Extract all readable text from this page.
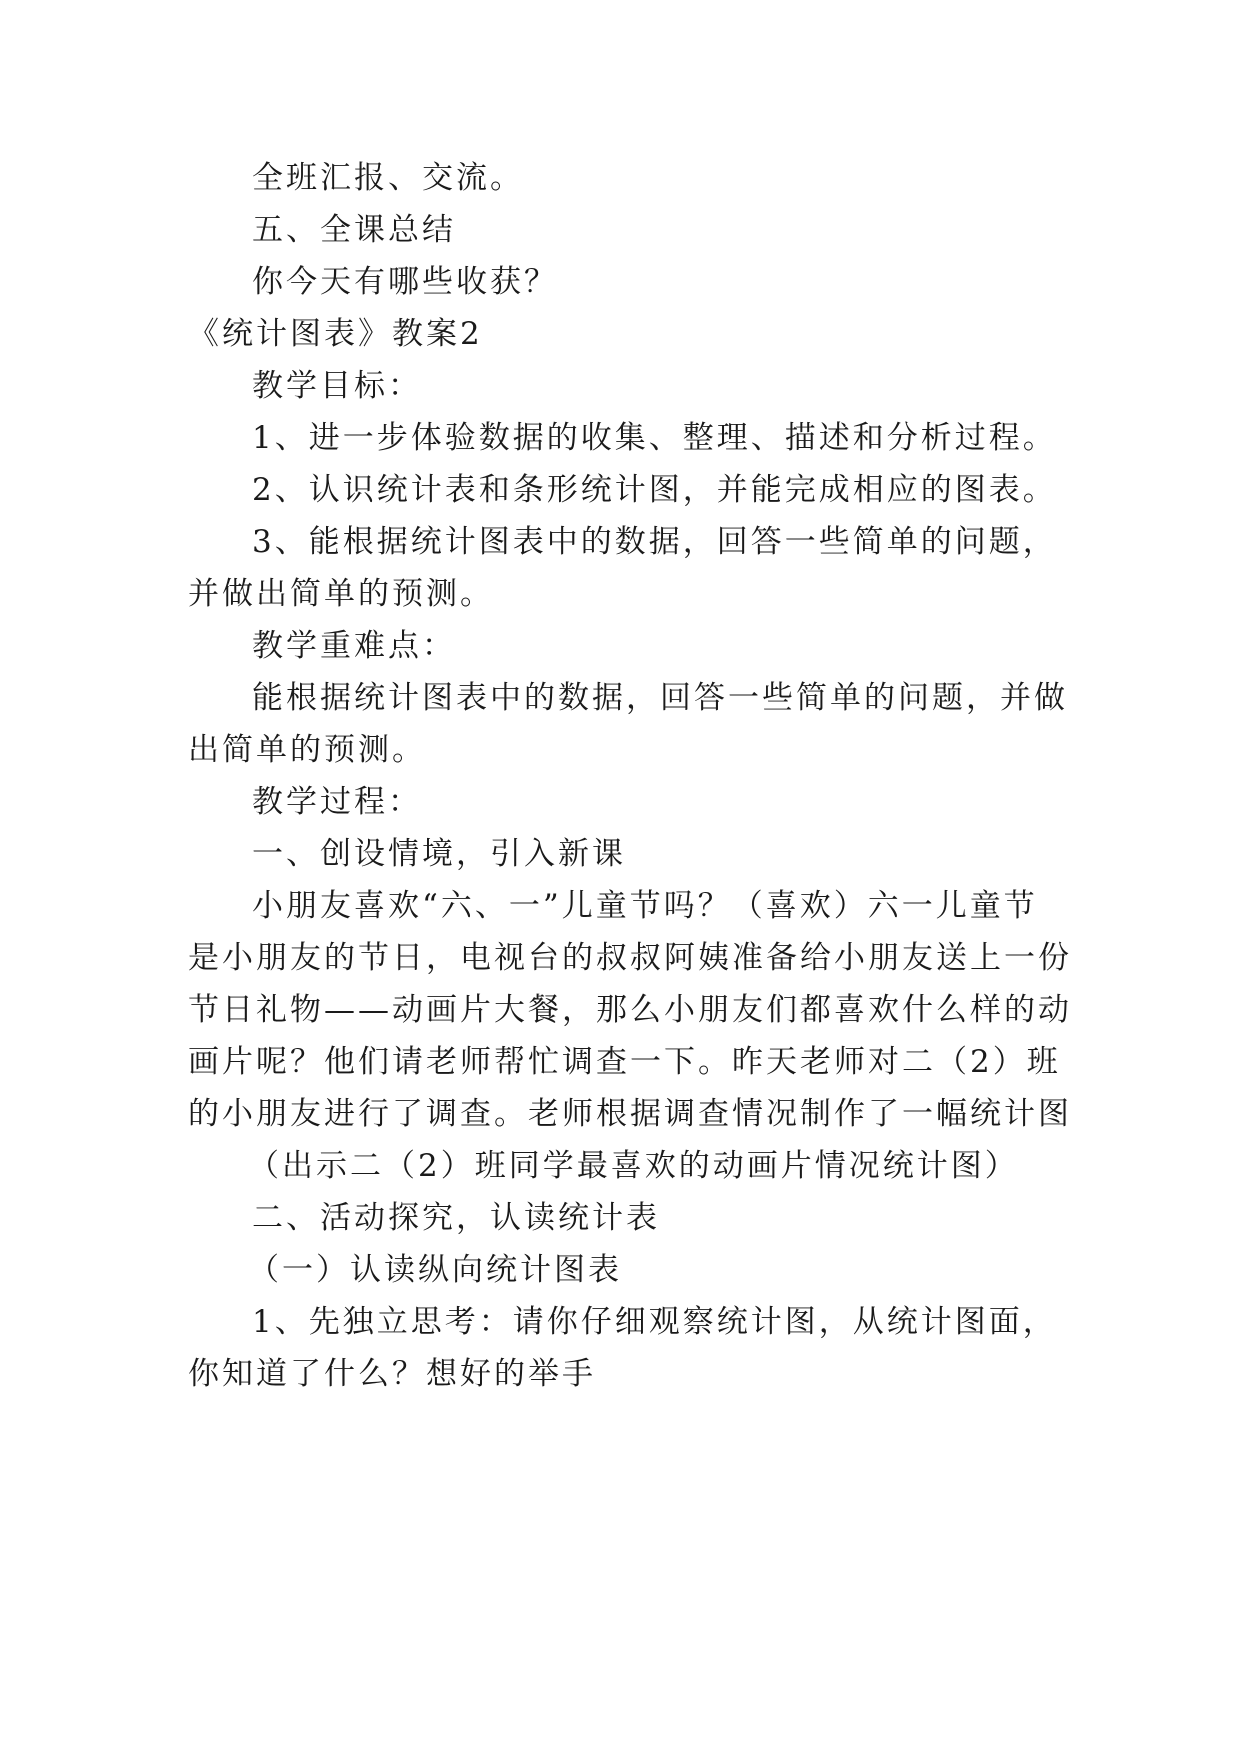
全班汇报、交流。
五、全课总结
你今天有哪些收获？
《统计图表》教案2
教学目标：
1、进一步体验数据的收集、整理、描述和分析过程。
2、认识统计表和条形统计图，并能完成相应的图表。
3、能根据统计图表中的数据，回答一些简单的问题，
并做出简单的预测。
教学重难点：
能根据统计图表中的数据，回答一些简单的问题，并做
出简单的预测。
教学过程：
一、创设情境，引入新课
小朋友喜欢“六、一”儿童节吗？（喜欢）六一儿童节
是小朋友的节日，电视台的叔叔阿姨准备给小朋友送上一份
节日礼物——动画片大餐，那么小朋友们都喜欢什么样的动
画片呢？他们请老师帮忙调查一下。昨天老师对二（2）班
的小朋友进行了调查。老师根据调查情况制作了一幅统计图
（出示二（2）班同学最喜欢的动画片情况统计图）
二、活动探究，认读统计表
（一）认读纵向统计图表
1、先独立思考：请你仔细观察统计图，从统计图面，
你知道了什么？想好的举手
